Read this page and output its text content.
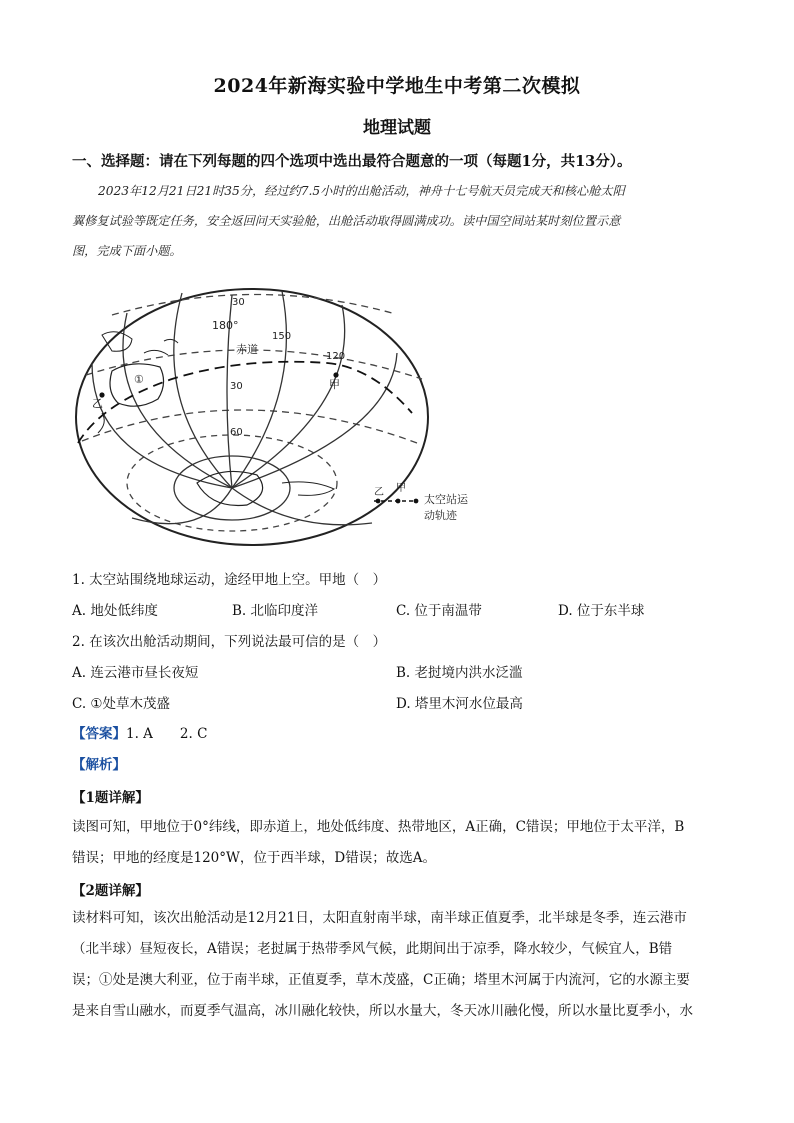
2024年新海实验中学地生中考第二次模拟
地理试题
一、选择题：请在下列每题的四个选项中选出最符合题意的一项（每题1分，共13分）。
2023年12月21日21时35分，经过约7.5小时的出舱活动，神舟十七号航天员完成天和核心舱太阳
翼修复试验等既定任务，安全返回问天实验舱，出舱活动取得圆满成功。读中国空间站某时刻位置示意
图，完成下面小题。
30
180°
150
赤道
120
甲
乙
①
30
60
乙 甲
太空站运
动轨迹
1. 太空站围绕地球运动，途经甲地上空。甲地（　）
A. 地处低纬度	B. 北临印度洋	C. 位于南温带	D. 位于东半球
2. 在该次出舱活动期间，下列说法最可信的是（　）
A. 连云港市昼长夜短	B. 老挝境内洪水泛滥
C. ①处草木茂盛	D. 塔里木河水位最高
【答案】1. A　　2. C
【解析】
【1题详解】
读图可知，甲地位于0°纬线，即赤道上，地处低纬度、热带地区，A正确，C错误；甲地位于太平洋，B
错误；甲地的经度是120°W，位于西半球，D错误；故选A。
【2题详解】
读材料可知，该次出舱活动是12月21日，太阳直射南半球，南半球正值夏季，北半球是冬季，连云港市
（北半球）昼短夜长，A错误；老挝属于热带季风气候，此期间出于凉季，降水较少，气候宜人，B错
误；①处是澳大利亚，位于南半球，正值夏季，草木茂盛，C正确；塔里木河属于内流河，它的水源主要
是来自雪山融水，而夏季气温高，冰川融化较快，所以水量大，冬天冰川融化慢，所以水量比夏季小，水
